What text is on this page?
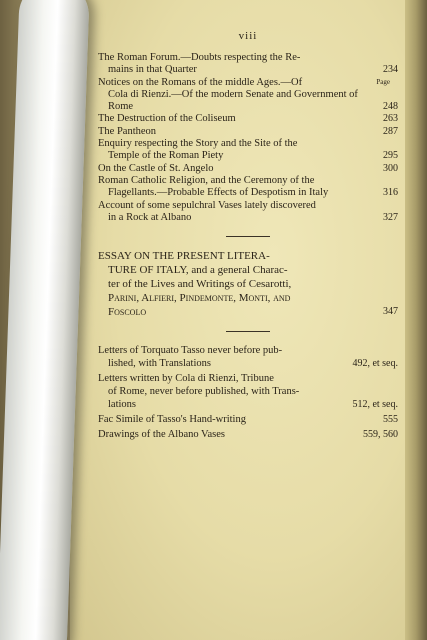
viii
Page
The Roman Forum.—Doubts respecting the Re-
mains in that Quarter	234
Notices on the Romans of the middle Ages.—Of
Cola di Rienzi.—Of the modern Senate and Government of Rome	248
The Destruction of the Coliseum	263
The Pantheon	287
Enquiry respecting the Story and the Site of the
Temple of the Roman Piety	295
On the Castle of St. Angelo	300
Roman Catholic Religion, and the Ceremony of the
Flagellants.—Probable Effects of Despotism in Italy	316
Account of some sepulchral Vases lately discovered
in a Rock at Albano	327
ESSAY ON THE PRESENT LITERA-
TURE OF ITALY, and a general Charac-
ter of the Lives and Writings of Cesarotti,
Parini, Alfieri, Pindemonte, Monti, and
Foscolo	347
Letters of Torquato Tasso never before pub-
lished, with Translations	492, et seq.
Letters written by Cola di Rienzi, Tribune
of Rome, never before published, with Trans-
lations	512, et seq.
Fac Simile of Tasso's Hand-writing	555
Drawings of the Albano Vases	559, 560
